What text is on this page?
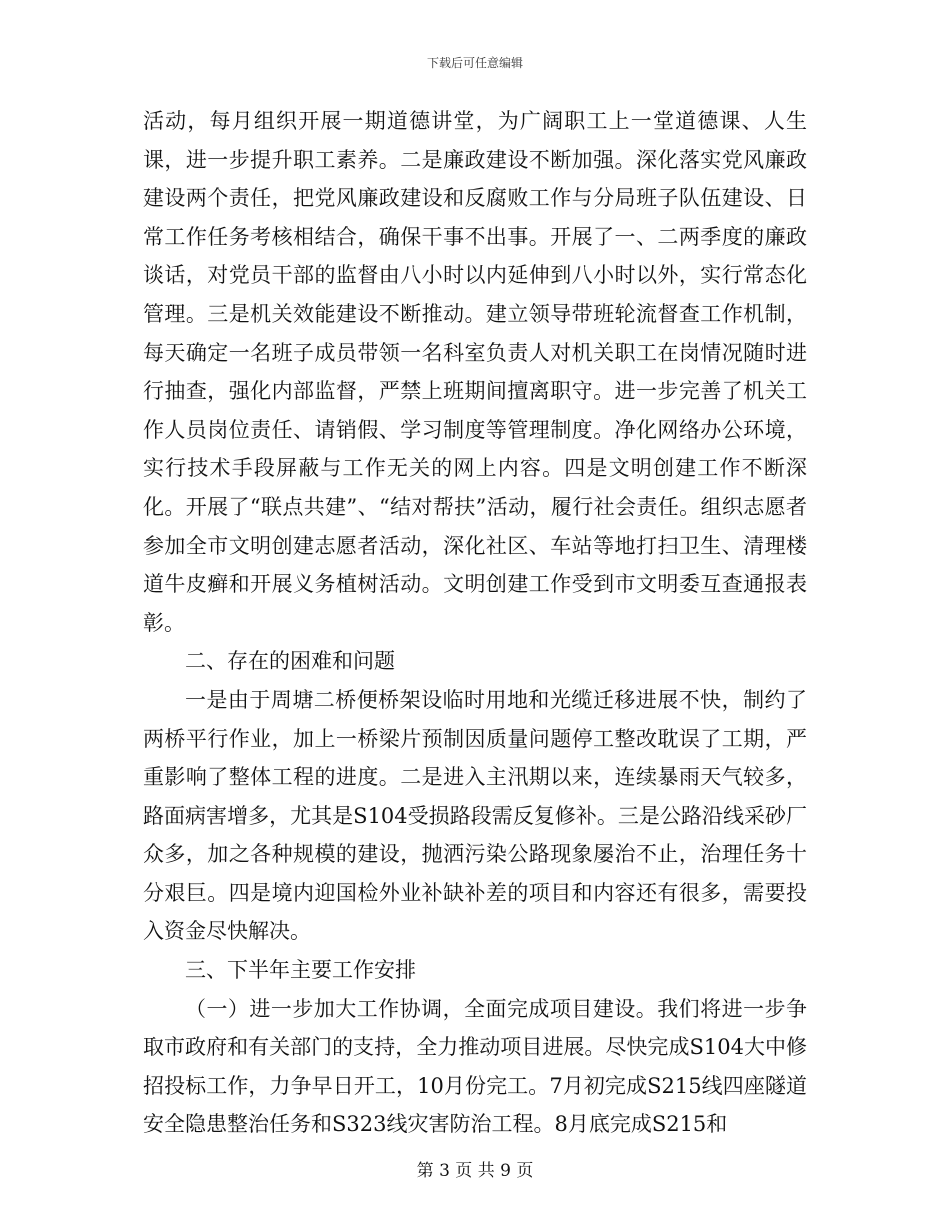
下载后可任意编辑

活动，每月组织开展一期道德讲堂，为广阔职工上一堂道德课、人生课，进一步提升职工素养。二是廉政建设不断加强。深化落实党风廉政建设两个责任，把党风廉政建设和反腐败工作与分局班子队伍建设、日常工作任务考核相结合，确保干事不出事。开展了一、二两季度的廉政谈话，对党员干部的监督由八小时以内延伸到八小时以外，实行常态化管理。三是机关效能建设不断推动。建立领导带班轮流督查工作机制，每天确定一名班子成员带领一名科室负责人对机关职工在岗情况随时进行抽查，强化内部监督，严禁上班期间擅离职守。进一步完善了机关工作人员岗位责任、请销假、学习制度等管理制度。净化网络办公环境，实行技术手段屏蔽与工作无关的网上内容。四是文明创建工作不断深化。开展了“联点共建”、“结对帮扶”活动，履行社会责任。组织志愿者参加全市文明创建志愿者活动，深化社区、车站等地打扫卫生、清理楼道牛皮癣和开展义务植树活动。文明创建工作受到市文明委互查通报表彰。

二、存在的困难和问题

一是由于周塘二桥便桥架设临时用地和光缆迁移进展不快，制约了两桥平行作业，加上一桥梁片预制因质量问题停工整改耽误了工期，严重影响了整体工程的进度。二是进入主汛期以来，连续暴雨天气较多，路面病害增多，尤其是S104受损路段需反复修补。三是公路沿线采砂厂众多，加之各种规模的建设，抛洒污染公路现象屡治不止，治理任务十分艰巨。四是境内迎国检外业补缺补差的项目和内容还有很多，需要投入资金尽快解决。

三、下半年主要工作安排

（一）进一步加大工作协调，全面完成项目建设。我们将进一步争取市政府和有关部门的支持，全力推动项目进展。尽快完成S104大中修招投标工作，力争早日开工，10月份完工。7月初完成S215线四座隧道安全隐患整治任务和S323线灾害防治工程。8月底完成S215和

第 3 页 共 9 页
